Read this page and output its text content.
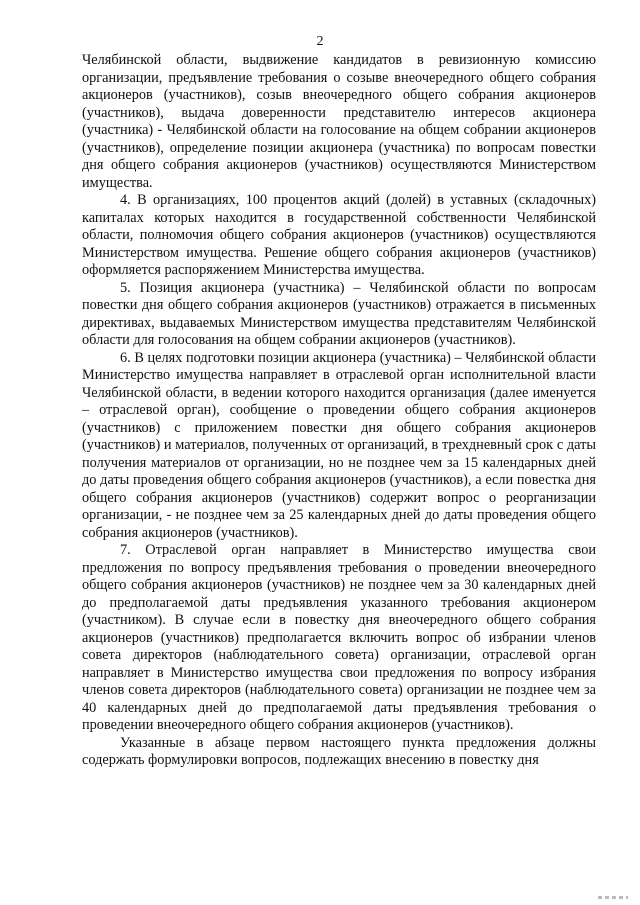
2

Челябинской области, выдвижение кандидатов в ревизионную комиссию организации, предъявление требования о созыве внеочередного общего собрания акционеров (участников), созыв внеочередного общего собрания акционеров (участников), выдача доверенности представителю интересов акционера (участника) - Челябинской области на голосование на общем собрании акционеров (участников), определение позиции акционера (участника) по вопросам повестки дня общего собрания акционеров (участников) осуществляются Министерством имущества.

4. В организациях, 100 процентов акций (долей) в уставных (складочных) капиталах которых находится в государственной собственности Челябинской области, полномочия общего собрания акционеров (участников) осуществляются Министерством имущества. Решение общего собрания акционеров (участников) оформляется распоряжением Министерства имущества.

5. Позиция акционера (участника) – Челябинской области по вопросам повестки дня общего собрания акционеров (участников) отражается в письменных директивах, выдаваемых Министерством имущества представителям Челябинской области для голосования на общем собрании акционеров (участников).

6. В целях подготовки позиции акционера (участника) – Челябинской области Министерство имущества направляет в отраслевой орган исполнительной власти Челябинской области, в ведении которого находится организация (далее именуется – отраслевой орган), сообщение о проведении общего собрания акционеров (участников) с приложением повестки дня общего собрания акционеров (участников) и материалов, полученных от организаций, в трехдневный срок с даты получения материалов от организации, но не позднее чем за 15 календарных дней до даты проведения общего собрания акционеров (участников), а если повестка дня общего собрания акционеров (участников) содержит вопрос о реорганизации организации, - не позднее чем за 25 календарных дней до даты проведения общего собрания акционеров (участников).

7. Отраслевой орган направляет в Министерство имущества свои предложения по вопросу предъявления требования о проведении внеочередного общего собрания акционеров (участников) не позднее чем за 30 календарных дней до предполагаемой даты предъявления указанного требования акционером (участником). В случае если в повестку дня внеочередного общего собрания акционеров (участников) предполагается включить вопрос об избрании членов совета директоров (наблюдательного совета) организации, отраслевой орган направляет в Министерство имущества свои предложения по вопросу избрания членов совета директоров (наблюдательного совета) организации не позднее чем за 40 календарных дней до предполагаемой даты предъявления требования о проведении внеочередного общего собрания акционеров (участников).

Указанные в абзаце первом настоящего пункта предложения должны содержать формулировки вопросов, подлежащих внесению в повестку дня
